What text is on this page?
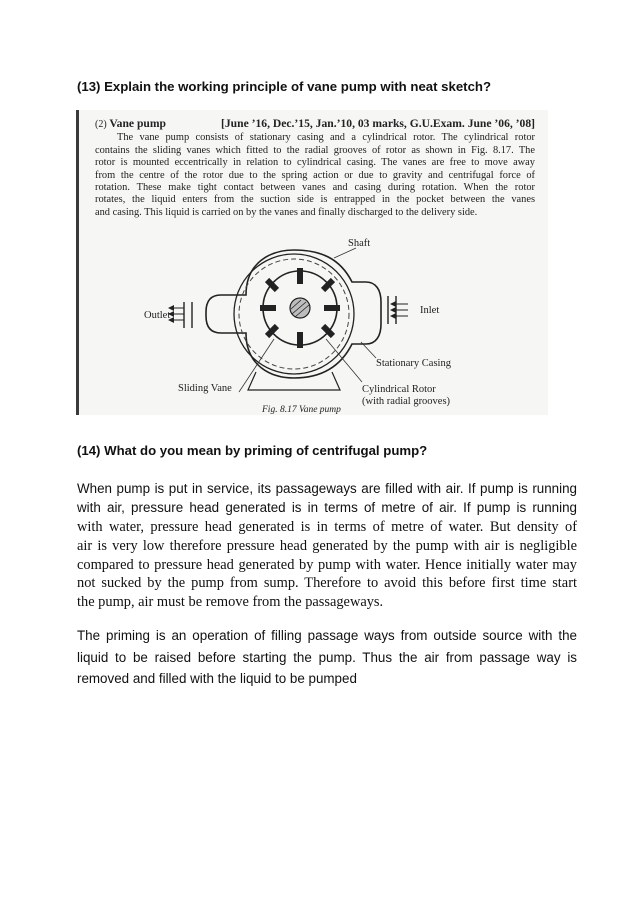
(13) Explain the working principle of vane pump with neat sketch?
(2) Vane pump	[June ’16, Dec.’15, Jan.’10, 03 marks, G.U.Exam. June ’06, ’08]
The vane pump consists of stationary casing and a cylindrical rotor. The cylindrical rotor
contains the sliding vanes which fitted to the radial grooves of rotor as shown in Fig. 8.17. The
rotor is mounted eccentrically in relation to cylindrical casing. The vanes are free to move away
from the centre of the rotor due to the spring action or due to gravity and centrifugal force of
rotation. These make tight contact between vanes and casing during rotation. When the rotor
rotates, the liquid enters from the suction side is entrapped in the pocket between the vanes
and casing. This liquid is carried on by the vanes and finally discharged to the delivery side.
Shaft
Outlet	Inlet
Stationary Casing
Sliding Vane	Cylindrical Rotor
(with radial grooves)
Fig. 8.17 Vane pump
(14) What do you mean by priming of centrifugal pump?
When pump is put in service, its passageways are filled with air. If pump is running
with air, pressure head generated is in terms of metre of air. If pump is running
with water, pressure head generated is in terms of metre of water. But density of
air is very low therefore pressure head generated by the pump with air is negligible
compared to pressure head generated by pump with water. Hence initially water may
not sucked by the pump from sump. Therefore to avoid this before first time start
the pump, air must be remove from the passageways.
The priming is an operation of filling passage ways from outside source with the
liquid to be raised before starting the pump. Thus the air from passage way is
removed and filled with the liquid to be pumped
